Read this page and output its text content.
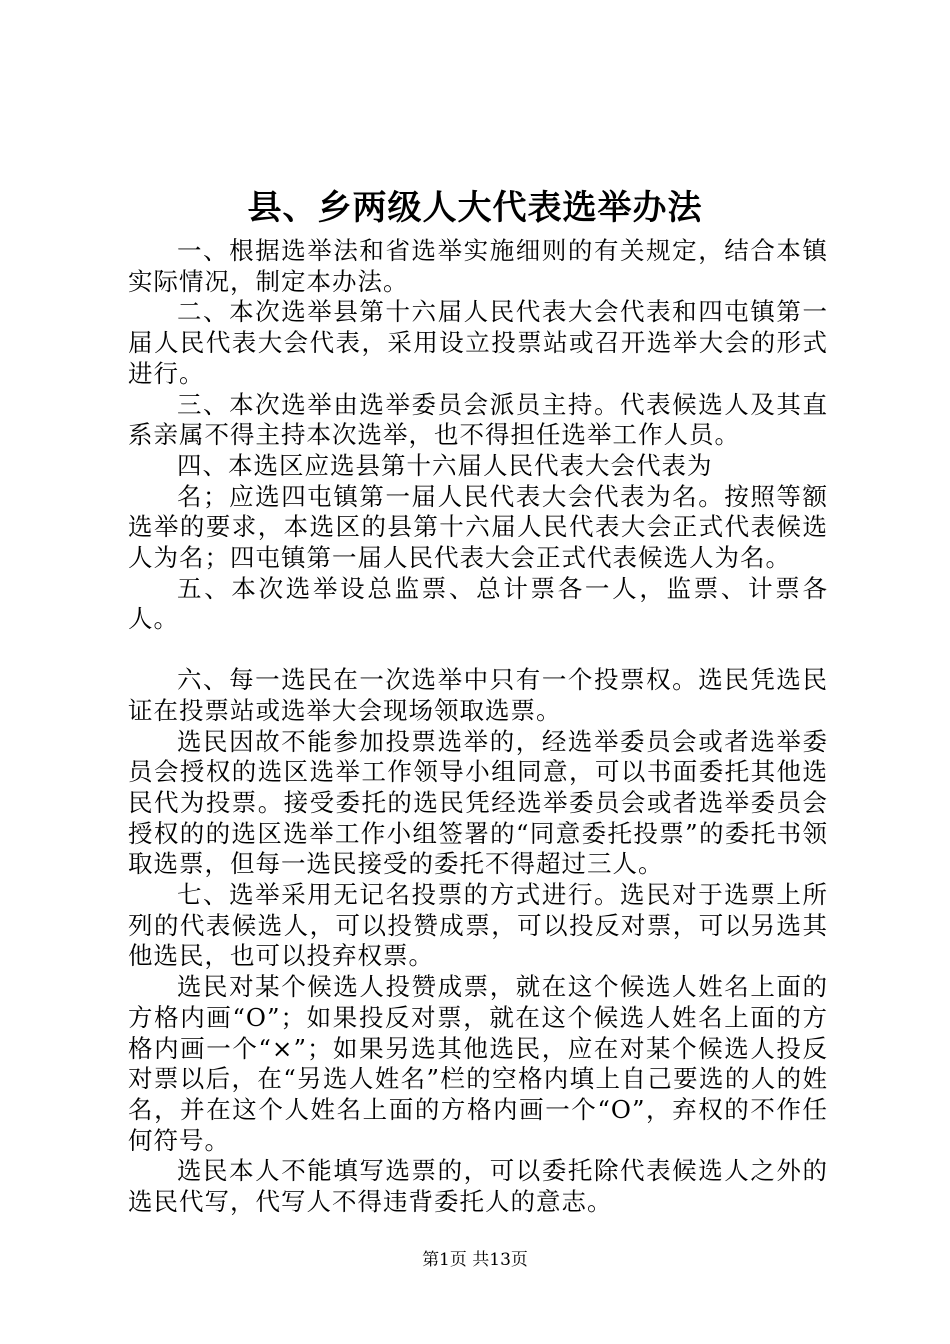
县、乡两级人大代表选举办法

一、根据选举法和省选举实施细则的有关规定，结合本镇实际情况，制定本办法。

二、本次选举县第十六届人民代表大会代表和四屯镇第一届人民代表大会代表，采用设立投票站或召开选举大会的形式进行。

三、本次选举由选举委员会派员主持。代表候选人及其直系亲属不得主持本次选举，也不得担任选举工作人员。

四、本选区应选县第十六届人民代表大会代表为

名；应选四屯镇第一届人民代表大会代表为名。按照等额选举的要求，本选区的县第十六届人民代表大会正式代表候选人为名；四屯镇第一届人民代表大会正式代表候选人为名。

五、本次选举设总监票、总计票各一人，监票、计票各人。

六、每一选民在一次选举中只有一个投票权。选民凭选民证在投票站或选举大会现场领取选票。

选民因故不能参加投票选举的，经选举委员会或者选举委员会授权的选区选举工作领导小组同意，可以书面委托其他选民代为投票。接受委托的选民凭经选举委员会或者选举委员会授权的的选区选举工作小组签署的“同意委托投票”的委托书领取选票，但每一选民接受的委托不得超过三人。

七、选举采用无记名投票的方式进行。选民对于选票上所列的代表候选人，可以投赞成票，可以投反对票，可以另选其他选民，也可以投弃权票。

选民对某个候选人投赞成票，就在这个候选人姓名上面的方格内画“O”；如果投反对票，就在这个候选人姓名上面的方格内画一个“×”；如果另选其他选民，应在对某个候选人投反对票以后，在“另选人姓名”栏的空格内填上自己要选的人的姓名，并在这个人姓名上面的方格内画一个“O”，弃权的不作任何符号。

选民本人不能填写选票的，可以委托除代表候选人之外的选民代写，代写人不得违背委托人的意志。

第1页 共13页
